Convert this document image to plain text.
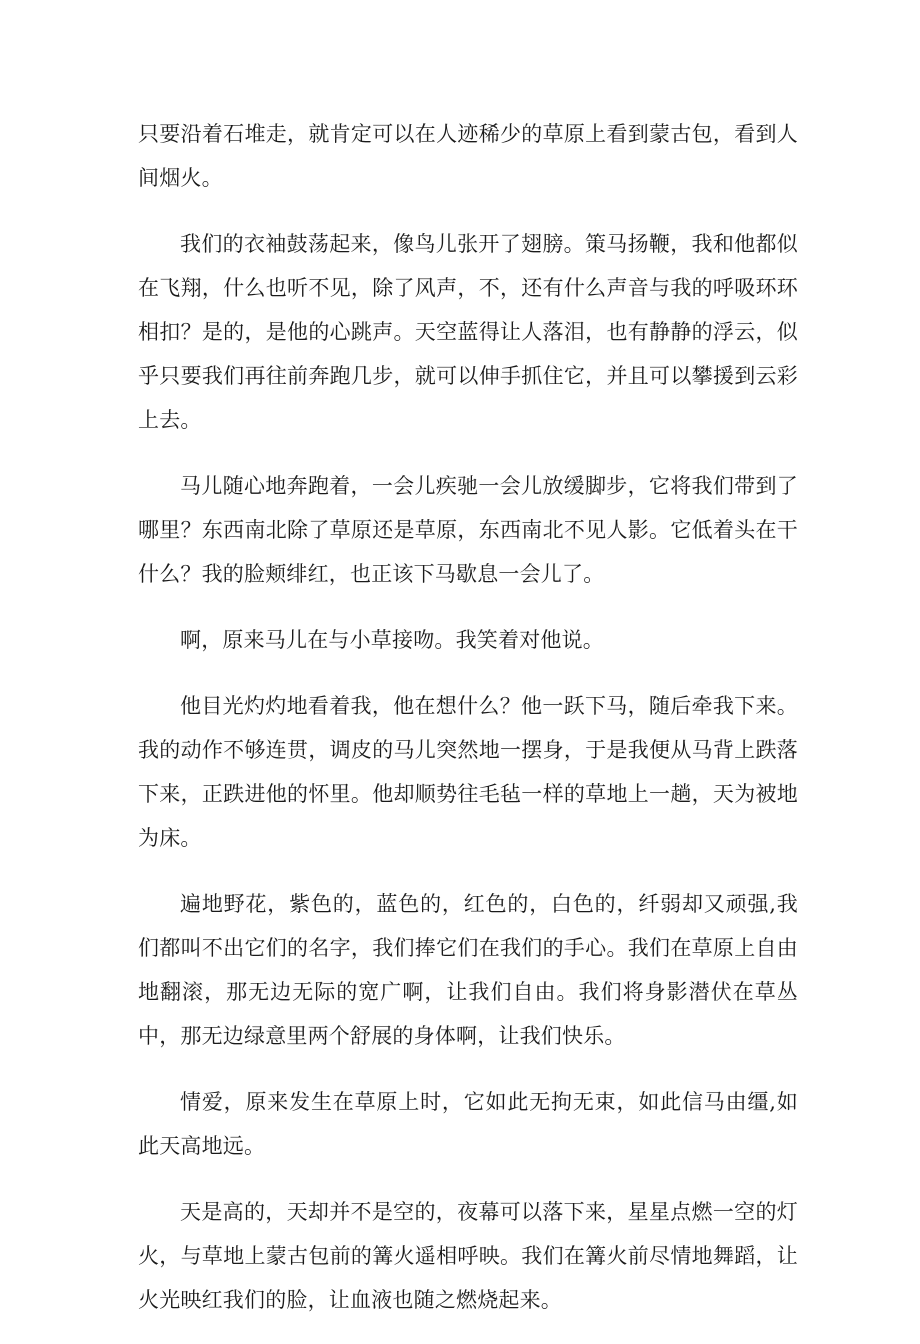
只要沿着石堆走，就肯定可以在人迹稀少的草原上看到蒙古包，看到人间烟火。

我们的衣袖鼓荡起来，像鸟儿张开了翅膀。策马扬鞭，我和他都似在飞翔，什么也听不见，除了风声，不，还有什么声音与我的呼吸环环相扣？是的，是他的心跳声。天空蓝得让人落泪，也有静静的浮云，似乎只要我们再往前奔跑几步，就可以伸手抓住它，并且可以攀援到云彩上去。

马儿随心地奔跑着，一会儿疾驰一会儿放缓脚步，它将我们带到了哪里？东西南北除了草原还是草原，东西南北不见人影。它低着头在干什么？我的脸颊绯红，也正该下马歇息一会儿了。

啊，原来马儿在与小草接吻。我笑着对他说。

他目光灼灼地看着我，他在想什么？他一跃下马，随后牵我下来。我的动作不够连贯，调皮的马儿突然地一摆身，于是我便从马背上跌落下来，正跌进他的怀里。他却顺势往毛毡一样的草地上一趟，天为被地为床。

遍地野花，紫色的，蓝色的，红色的，白色的，纤弱却又顽强,我们都叫不出它们的名字，我们捧它们在我们的手心。我们在草原上自由地翻滚，那无边无际的宽广啊，让我们自由。我们将身影潜伏在草丛中，那无边绿意里两个舒展的身体啊，让我们快乐。

情爱，原来发生在草原上时，它如此无拘无束，如此信马由缰,如此天高地远。

天是高的，天却并不是空的，夜幕可以落下来，星星点燃一空的灯火，与草地上蒙古包前的篝火遥相呼映。我们在篝火前尽情地舞蹈，让火光映红我们的脸，让血液也随之燃烧起来。
